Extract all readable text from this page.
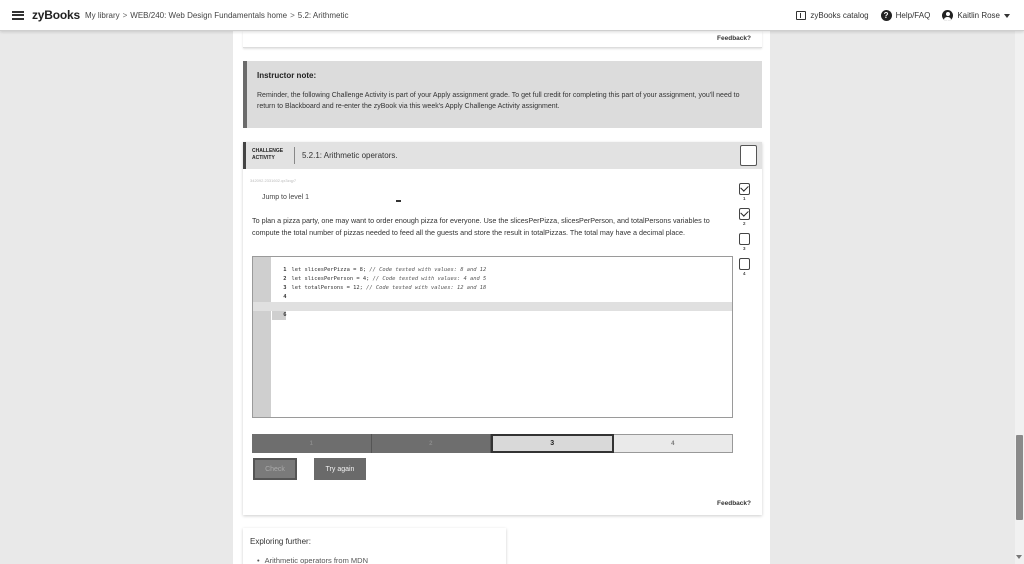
zyBooks My library > WEB/240: Web Design Fundamentals home > 5.2: Arithmetic	zyBooks catalog	? Help/FAQ	Kaitlin Rose
Feedback?
Instructor note:
Reminder, the following Challenge Activity is part of your Apply assignment grade. To get full credit for completing this part of your assignment, you'll need to return to Blackboard and re-enter the zyBook via this week's Apply Challenge Activity assignment.
CHALLENGE ACTIVITY	5.2.1: Arithmetic operators.
342092.2331602.qx3zqy7
Jump to level 1	1
2
3
4
To plan a pizza party, one may want to order enough pizza for everyone. Use the slicesPerPizza, slicesPerPerson, and totalPersons variables to compute the total number of pizzas needed to feed all the guests and store the result in totalPizzas. The total may have a decimal place.

1 let slicesPerPizza = 8; // Code tested with values: 8 and 12

2 let slicesPerPerson = 4; // Code tested with values: 4 and 5

3 let totalPersons = 12; // Code tested with values: 12 and 18

4

6

1	2	3	4
Check	Try again
Feedback?
Exploring further:
• Arithmetic operators from MDN
